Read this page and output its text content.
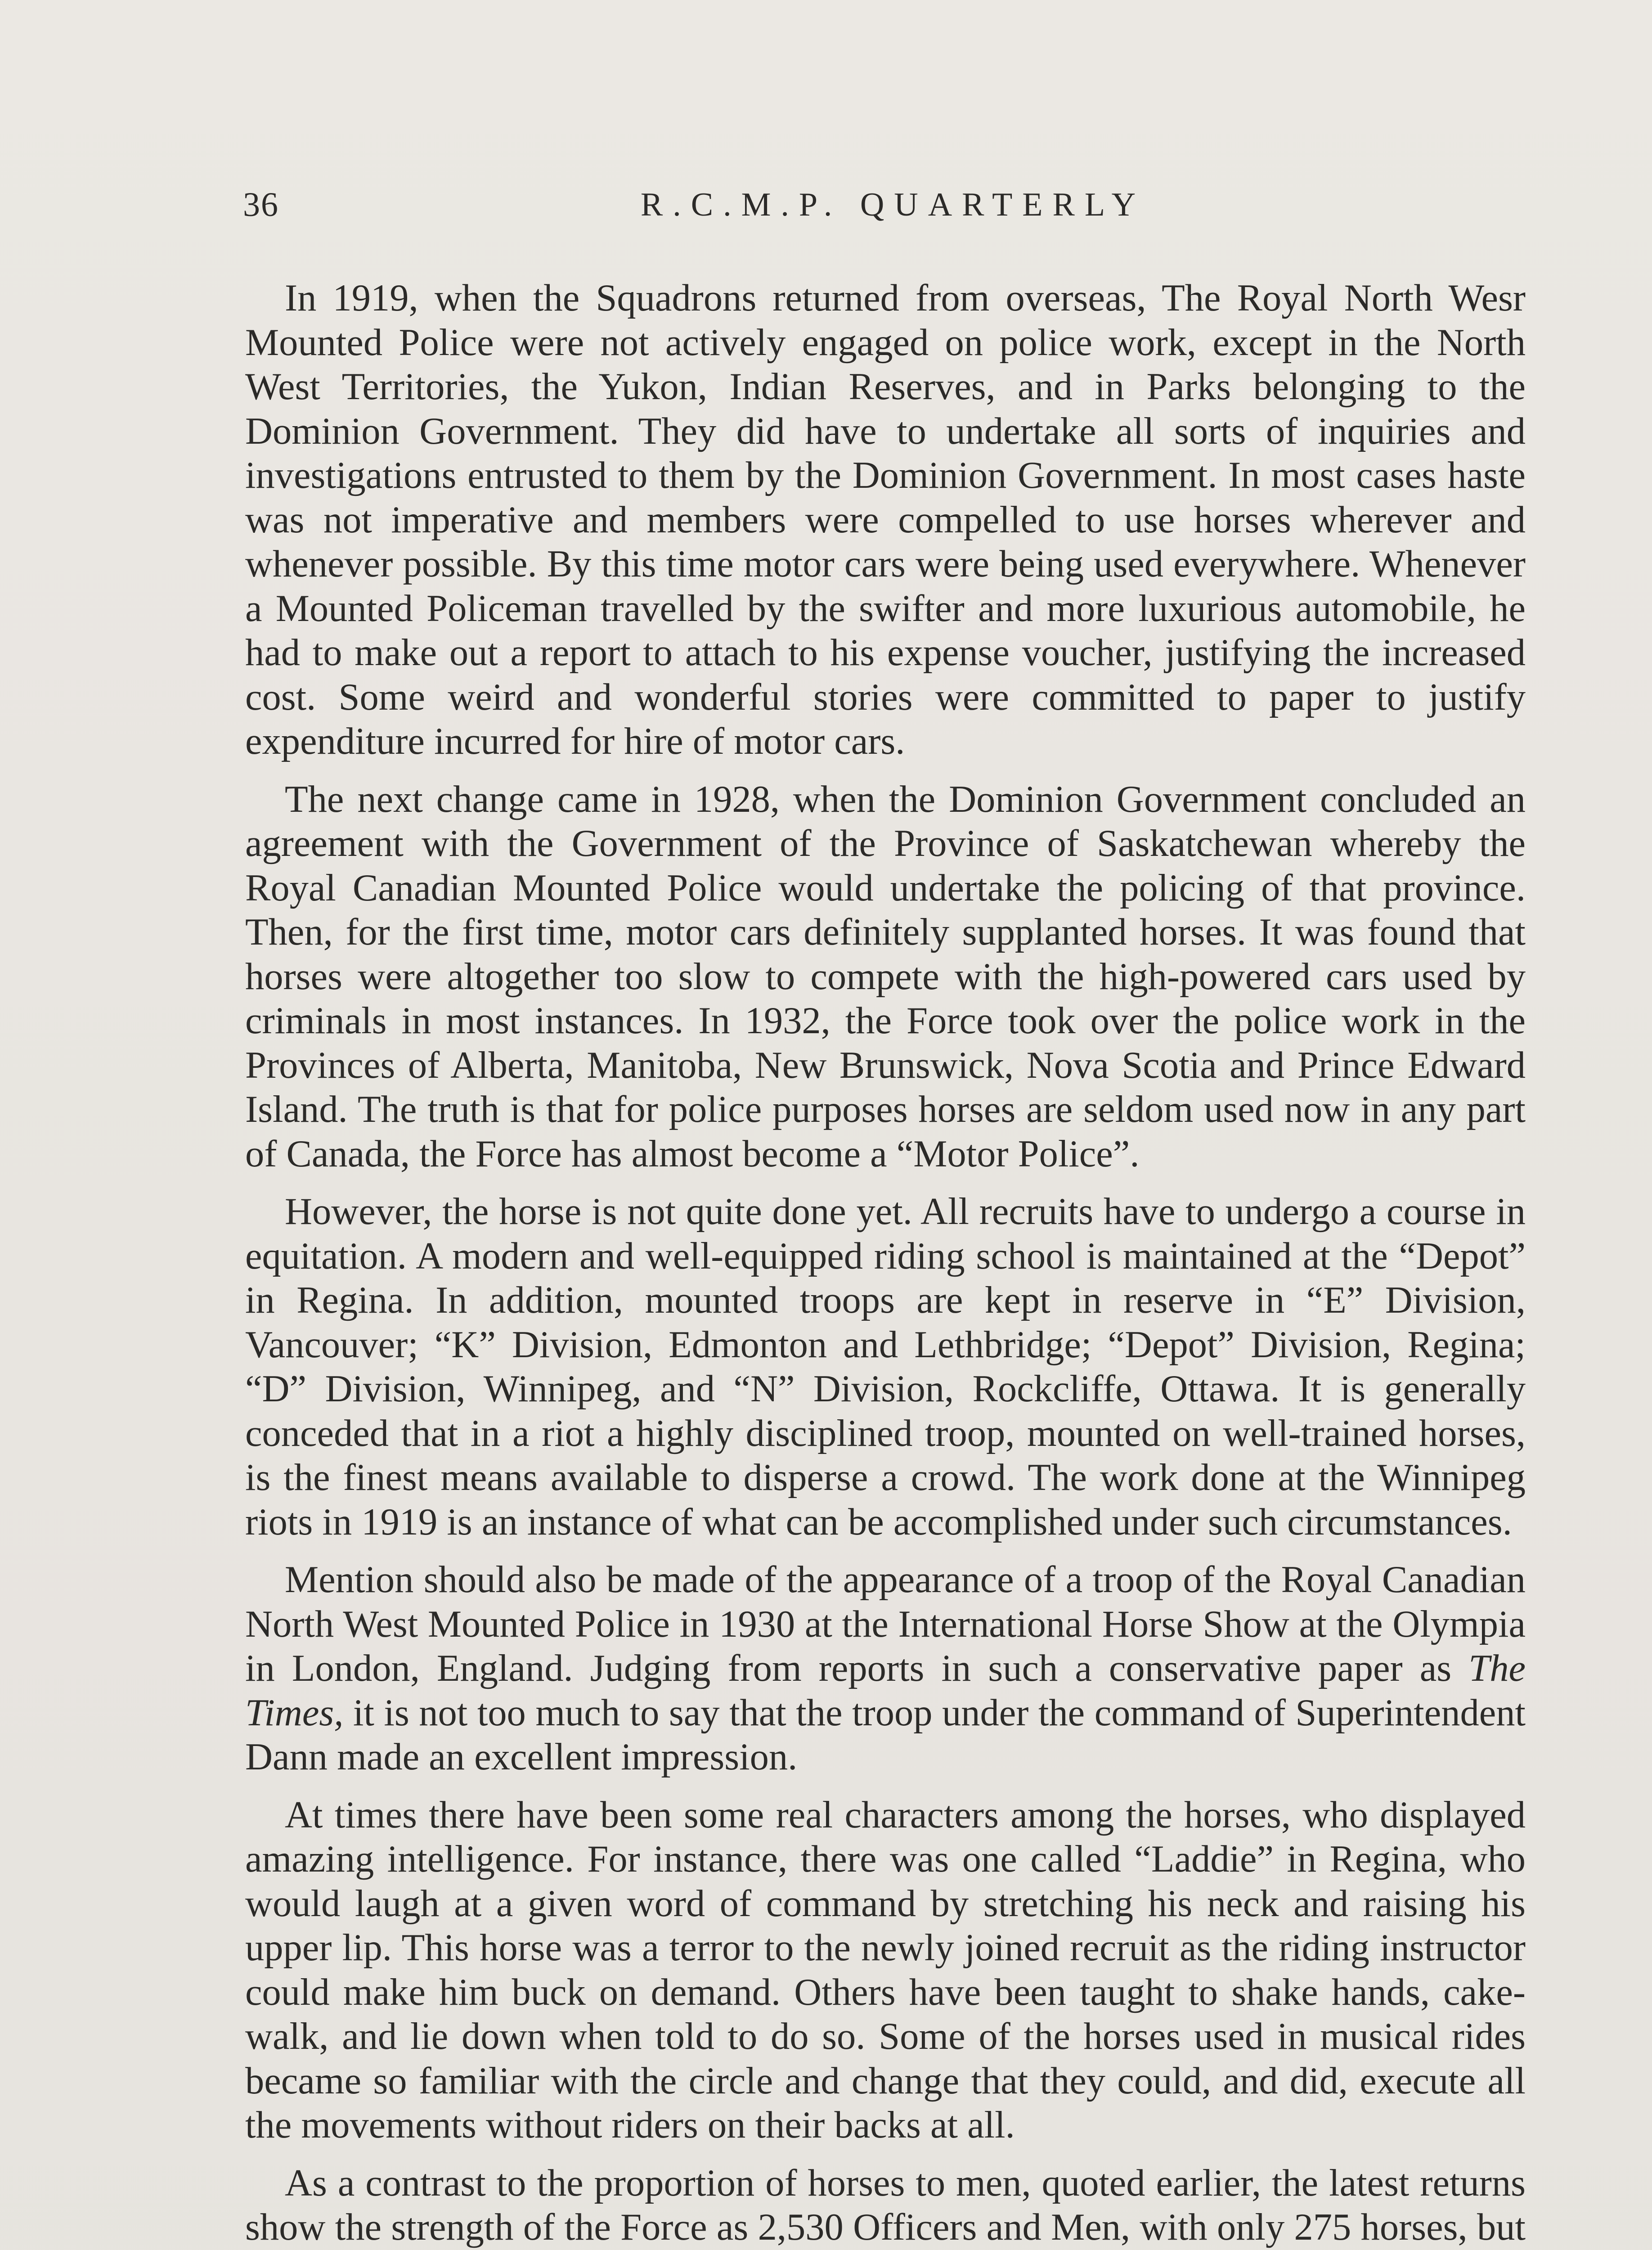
36	R.C.M.P. QUARTERLY

In 1919, when the Squadrons returned from overseas, The Royal North Wesr Mounted Police were not actively engaged on police work, except in the North West Territories, the Yukon, Indian Reserves, and in Parks belonging to the Dominion Government. They did have to undertake all sorts of inquiries and investigations entrusted to them by the Dominion Government. In most cases haste was not imperative and members were compelled to use horses wherever and whenever possible. By this time motor cars were being used everywhere. Whenever a Mounted Policeman travelled by the swifter and more luxurious automobile, he had to make out a report to attach to his expense voucher, justifying the increased cost. Some weird and wonderful stories were committed to paper to justify expenditure incurred for hire of motor cars.

The next change came in 1928, when the Dominion Government concluded an agreement with the Government of the Province of Saskatchewan whereby the Royal Canadian Mounted Police would undertake the policing of that province. Then, for the first time, motor cars definitely supplanted horses. It was found that horses were altogether too slow to compete with the high-powered cars used by criminals in most instances. In 1932, the Force took over the police work in the Provinces of Alberta, Manitoba, New Brunswick, Nova Scotia and Prince Edward Island. The truth is that for police purposes horses are seldom used now in any part of Canada, the Force has almost become a “Motor Police”.

However, the horse is not quite done yet. All recruits have to undergo a course in equitation. A modern and well-equipped riding school is maintained at the “Depot” in Regina. In addition, mounted troops are kept in reserve in “E” Division, Vancouver; “K” Division, Edmonton and Lethbridge; “Depot” Division, Regina; “D” Division, Winnipeg, and “N” Division, Rockcliffe, Ottawa. It is generally conceded that in a riot a highly disciplined troop, mounted on well-trained horses, is the finest means available to disperse a crowd. The work done at the Winnipeg riots in 1919 is an instance of what can be accomplished under such circumstances.

Mention should also be made of the appearance of a troop of the Royal Canadian North West Mounted Police in 1930 at the International Horse Show at the Olympia in London, England. Judging from reports in such a conservative paper as The Times, it is not too much to say that the troop under the command of Superintendent Dann made an excellent impression.

At times there have been some real characters among the horses, who displayed amazing intelligence. For instance, there was one called “Laddie” in Regina, who would laugh at a given word of command by stretching his neck and raising his upper lip. This horse was a terror to the newly joined recruit as the riding instructor could make him buck on demand. Others have been taught to shake hands, cake-walk, and lie down when told to do so. Some of the horses used in musical rides became so familiar with the circle and change that they could, and did, execute all the movements without riders on their backs at all.

As a contrast to the proportion of horses to men, quoted earlier, the latest returns show the strength of the Force as 2,530 Officers and Men, with only 275 horses, but
